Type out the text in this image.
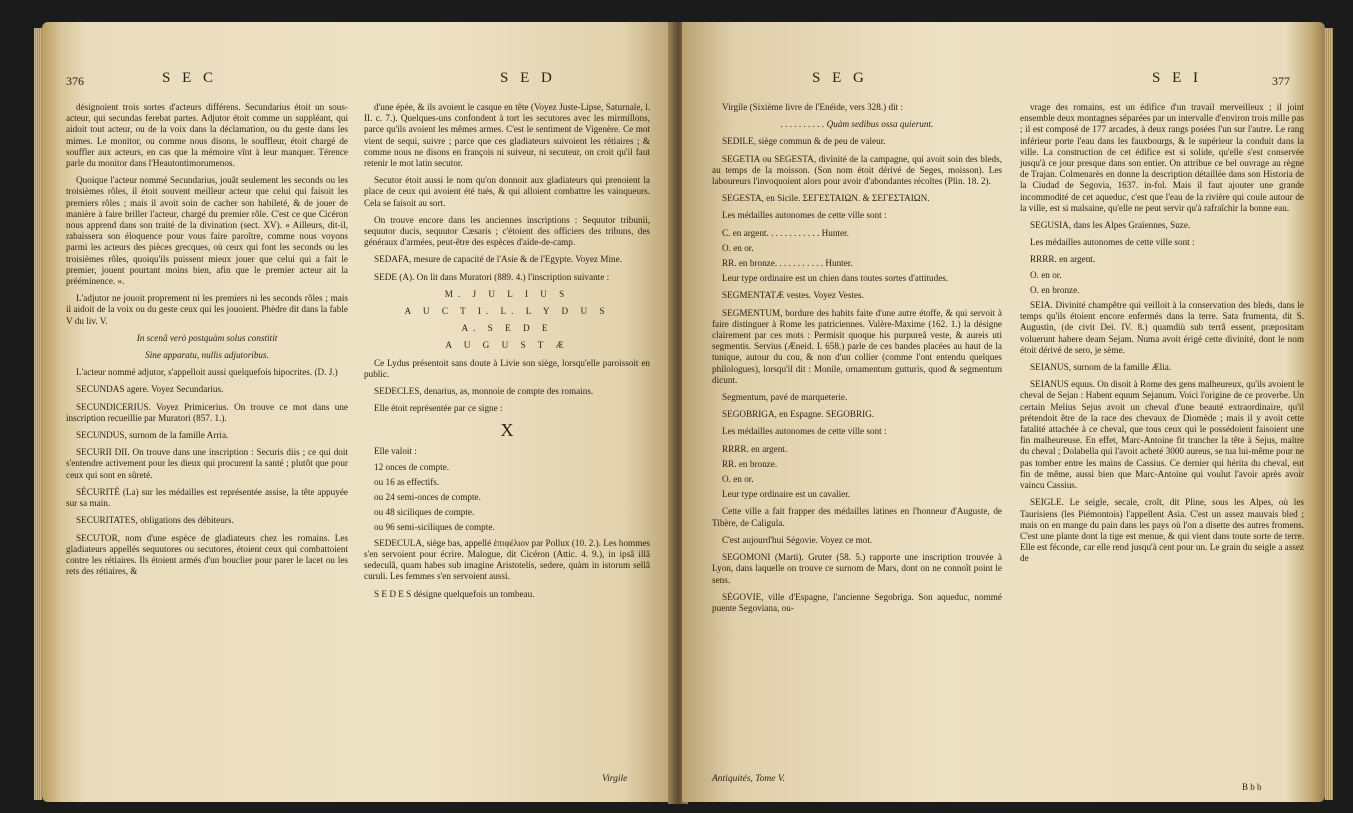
376	S E C	S E D

désignoient trois sortes d'acteurs différens. Secundarius étoit un sous-acteur, qui secundas ferebat partes. Adjutor étoit comme un suppléant, qui aidoit tout acteur, ou de la voix dans la déclamation, ou du geste dans les mimes. Le monitor, ou comme nous disons, le souffleur, étoit chargé de souffler aux acteurs, en cas que la mémoire vînt à leur manquer. Térence parle du monitor dans l'Heautontimorumenos.

Quoique l'acteur nommé Secundarius, jouât seulement les seconds ou les troisièmes rôles, il étoit souvent meilleur acteur que celui qui faisoit les premiers rôles ; mais il avoit soin de cacher son habileté, & de jouer de manière à faire briller l'acteur, chargé du premier rôle. C'est ce que Cicéron nous apprend dans son traité de la divination (sect. XV). « Ailleurs, dit-il, rabaissera son éloquence pour vous faire paroître, comme nous voyons parmi les acteurs des pièces grecques, où ceux qui font les seconds ou les troisièmes rôles, quoiqu'ils puissent mieux jouer que celui qui a fait le premier, jouent pourtant moins bien, afin que le premier acteur ait la prééminence. ».

L'adjutor ne jouoit proprement ni les premiers ni les seconds rôles ; mais il aidoit de la voix ou du geste ceux qui les jouoient. Phèdre dit dans la fable V du liv. V.

In scenâ verò postquàm solus constitit

Sine apparatu, nullis adjutoribus.

L'acteur nommé adjutor, s'appelloit aussi quelquefois hipocrites. (D. J.)

SECUNDAS agere. Voyez Secundarius.

SECUNDICERIUS. Voyez Primicerius. On trouve ce mot dans une inscription recueillie par Muratori (857. 1.).

SECUNDUS, surnom de la famille Arria.

SECURII DII. On trouve dans une inscription : Securis diis ; ce qui doit s'entendre activement pour les dieux qui procurent la santé ; plutôt que pour ceux qui sont en sûreté.

SÉCURITÉ (La) sur les médailles est représentée assise, la tête appuyée sur sa main.

SECURITATES, obligations des débiteurs.

SECUTOR, nom d'une espèce de gladiateurs chez les romains. Les gladiateurs appellés sequutores ou secutores, étoient ceux qui combattoient contre les rétiaires. Ils étoient armés d'un bouclier pour parer le lacet ou les rets des rétiaires, &

d'une épée, & ils avoient le casque en tête (Voyez Juste-Lipse, Saturnale, l. II. c. 7.). Quelques-uns confondent à tort les secutores avec les mirmillons, parce qu'ils avoient les mêmes armes. C'est le sentiment de Vigenère. Ce mot vient de sequi, suivre ; parce que ces gladiateurs suivoient les rétiaires ; & comme nous ne disons en françois ni suiveur, ni secuteur, on croit qu'il faut retenir le mot latin secutor.

Secutor étoit aussi le nom qu'on donnoit aux gladiateurs qui prenoient la place de ceux qui avoient été tués, & qui alloient combattre les vainqueurs. Cela se faisoit au sort.

On trouve encore dans les anciennes inscriptions : Sequutor tribunii, sequutor ducis, sequutor Cæsaris ; c'étoient des officiers des tribuns, des généraux d'armées, peut-être des espèces d'aide-de-camp.

SEDAFA, mesure de capacité de l'Asie & de l'Egypte. Voyez Mine.

SEDE (A). On lit dans Muratori (889. 4.) l'inscription suivante :

M. J U L I U S

A U C T I. L. L Y D U S

A. S E D E

A U G U S T Æ

Ce Lydus présentoit sans doute à Livie son siège, lorsqu'elle paroissoit en public.

SEDECLES, denarius, as, monnoie de compte des romains.

Elle étoit représentée par ce signe :

X

Elle valoit :

12 onces de compte.

ou 16 as effectifs.

ou 24 semi-onces de compte.

ou 48 siciliques de compte.

ou 96 semi-siciliques de compte.

SEDECULA, siège bas, appellé ἑπιφέλιον par Pollux (10. 2.). Les hommes s'en servoient pour écrire. Malogue, dit Cicéron (Attic. 4. 9.), in ipsâ illâ sedeculâ, quam habes sub imagine Aristotelis, sedere, quàm in istorum sellâ curuli. Les femmes s'en servoient aussi.

S E D E S désigne quelquefois un tombeau.

Virgile
S E G	S E I	377

Virgile (Sixième livre de l'Enéide, vers 328.) dit :

. . . . . . . . . . Quàm sedibus ossa quierunt.

SEDILE, siège commun & de peu de valeur.

SEGETIA ou SEGESTA, divinité de la campagne, qui avoit soin des bleds, au temps de la moisson. (Son nom étoit dérivé de Seges, moisson). Les laboureurs l'invoquoient alors pour avoir d'abondantes récoltes (Plin. 18. 2).

SEGESTA, en Sicile. ΣΕΓΕΣΤΑΙΩΝ. & ΣΕΓΕΣΤΑΙΩΝ.

Les médailles autonomes de cette ville sont :

C. en argent. . . . . . . . . . . . Hunter.

O. en or.

RR. en bronze. . . . . . . . . . . Hunter.

Leur type ordinaire est un chien dans toutes sortes d'attitudes.

SEGMENTATÆ vestes. Voyez Vestes.

SEGMENTUM, bordure des habits faite d'une autre étoffe, & qui servoit à faire distinguer à Rome les patriciennes. Valère-Maxime (162. 1.) la désigne clairement par ces mots : Permisit quoque his purpureâ veste, & aureis uti segmentis. Servius (Æneid. I. 658.) parle de ces bandes placées au haut de la tunique, autour du cou, & non d'un collier (comme l'ont entendu quelques philologues), lorsqu'il dit : Monile, ornamentum gutturis, quod & segmentum dicunt.

Segmentum, pavé de marqueterie.

SEGOBRIGA, en Espagne. SEGOBRIG.

Les médailles autonomes de cette ville sont :

RRRR. en argent.

RR. en bronze.

O. en or.

Leur type ordinaire est un cavalier.

Cette ville a fait frapper des médailles latines en l'honneur d'Auguste, de Tibère, de Caligula.

C'est aujourd'hui Ségovie. Voyez ce mot.

SEGOMONI (Marti). Gruter (58. 5.) rapporte une inscription trouvée à Lyon, dans laquelle on trouve ce surnom de Mars, dont on ne connoît point le sens.

SÉGOVIE, ville d'Espagne, l'ancienne Segobriga. Son aqueduc, nommé puente Segoviana, ou-

vrage des romains, est un édifice d'un travail merveilleux ; il joint ensemble deux montagnes séparées par un intervalle d'environ trois mille pas ; il est composé de 177 arcades, à deux rangs posées l'un sur l'autre. Le rang inférieur porte l'eau dans les fauxbourgs, & le supérieur la conduit dans la ville. La construction de cet édifice est si solide, qu'elle s'est conservée jusqu'à ce jour presque dans son entier. On attribue ce bel ouvrage au règne de Trajan. Colmenarès en donne la description détaillée dans son Historia de la Ciudad de Segovia, 1637. in-fol. Mais il faut ajouter une grande incommodité de cet aqueduc, c'est que l'eau de la rivière qui coule autour de la ville, est si malsaine, qu'elle ne peut servir qu'à rafraîchir la bonne eau.

SEGUSIA, dans les Alpes Graïennes, Suze.

Les médailles autonomes de cette ville sont :

RRRR. en argent.

O. en or.

O. en bronze.

SEIA. Divinité champêtre qui veilloit à la conservation des bleds, dans le temps qu'ils étoient encore enfermés dans la terre. Sata frumenta, dit S. Augustin, (de civit Dei. IV. 8.) quamdiù sub terrâ essent, præpositam voluerunt habere deam Sejam. Numa avoit érigé cette divinité, dont le nom étoit dérivé de sero, je sème.

SEIANUS, surnom de la famille Ælia.

SEIANUS equus. On disoit à Rome des gens malheureux, qu'ils avoient le cheval de Sejan : Habent equum Sejanum. Voici l'origine de ce proverbe. Un certain Melius Sejus avoit un cheval d'une beauté extraordinaire, qu'il prétendoit être de la race des chevaux de Diomède ; mais il y avoit cette fatalité attachée à ce cheval, que tous ceux qui le possédoient faisoient une fin malheureuse. En effet, Marc-Antoine fit trancher la tête à Sejus, maître du cheval ; Dolabella qui l'avoit acheté 3000 aureus, se tua lui-même pour ne pas tomber entre les mains de Cassius. Ce dernier qui hérita du cheval, eut fin de même, aussi bien que Marc-Antoine qui voulut l'avoir après avoir vaincu Cassius.

SEIGLE. Le seigle, secale, croît, dit Pline, sous les Alpes, où les Taurisiens (les Piémontois) l'appellent Asia. C'est un assez mauvais bled ; mais on en mange du pain dans les pays où l'on a disette des autres fromens. C'est une plante dont la tige est menue, & qui vient dans toute sorte de terre. Elle est féconde, car elle rend jusqu'à cent pour un. Le grain du seigle a assez de

Antiquités, Tome V.
B b b
